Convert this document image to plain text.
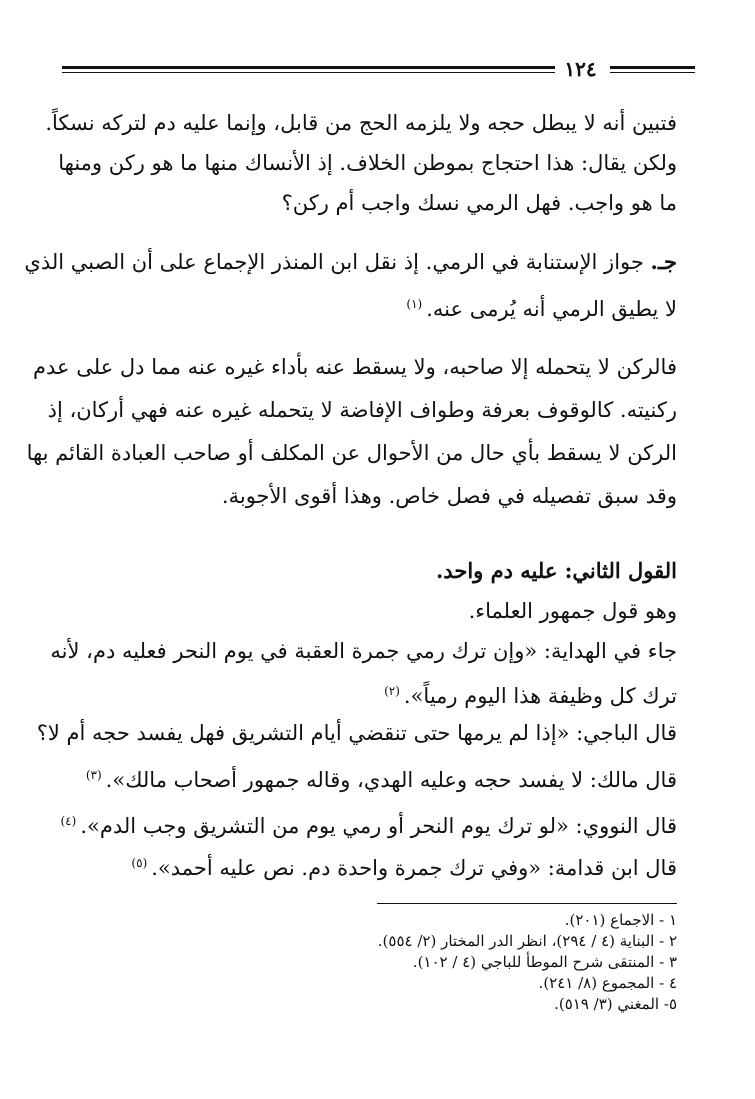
١٢٤
فتبين أنه لا يبطل حجه ولا يلزمه الحج من قابل، وإنما عليه دم لتركه نسكاً.
ولكن يقال: هذا احتجاج بموطن الخلاف. إذ الأنساك منها ما هو ركن ومنها
ما هو واجب. فهل الرمي نسك واجب أم ركن؟
جـ. جواز الإستنابة في الرمي. إذ نقل ابن المنذر الإجماع على أن الصبي الذي
لا يطيق الرمي أنه يُرمى عنه.$^{(١)}$
فالركن لا يتحمله إلا صاحبه، ولا يسقط عنه بأداء غيره عنه مما دل على عدم
ركنيته. كالوقوف بعرفة وطواف الإفاضة لا يتحمله غيره عنه فهي أركان، إذ
الركن لا يسقط بأي حال من الأحوال عن المكلف أو صاحب العبادة القائم بها
وقد سبق تفصيله في فصل خاص. وهذا أقوى الأجوبة.
القول الثاني: عليه دم واحد.
وهو قول جمهور العلماء.
جاء في الهداية: «وإن ترك رمي جمرة العقبة في يوم النحر فعليه دم، لأنه
ترك كل وظيفة هذا اليوم رمياً».$^{(٢)}$
قال الباجي: «إذا لم يرمها حتى تنقضي أيام التشريق فهل يفسد حجه أم لا؟
قال مالك: لا يفسد حجه وعليه الهدي، وقاله جمهور أصحاب مالك».$^{(٣)}$
قال النووي: «لو ترك يوم النحر أو رمي يوم من التشريق وجب الدم».$^{(٤)}$
قال ابن قدامة: «وفي ترك جمرة واحدة دم. نص عليه أحمد».$^{(٥)}$
١ - الاجماع (٢٠١).
٢ - البناية (٤ / ٢٩٤)، انظر الدر المختار (٢/ ٥٥٤).
٣ - المنتقى شرح الموطأ للباجي (٤ / ١٠٢).
٤ - المجموع (٨/ ٢٤١).
٥- المغني (٣/ ٥١٩).
